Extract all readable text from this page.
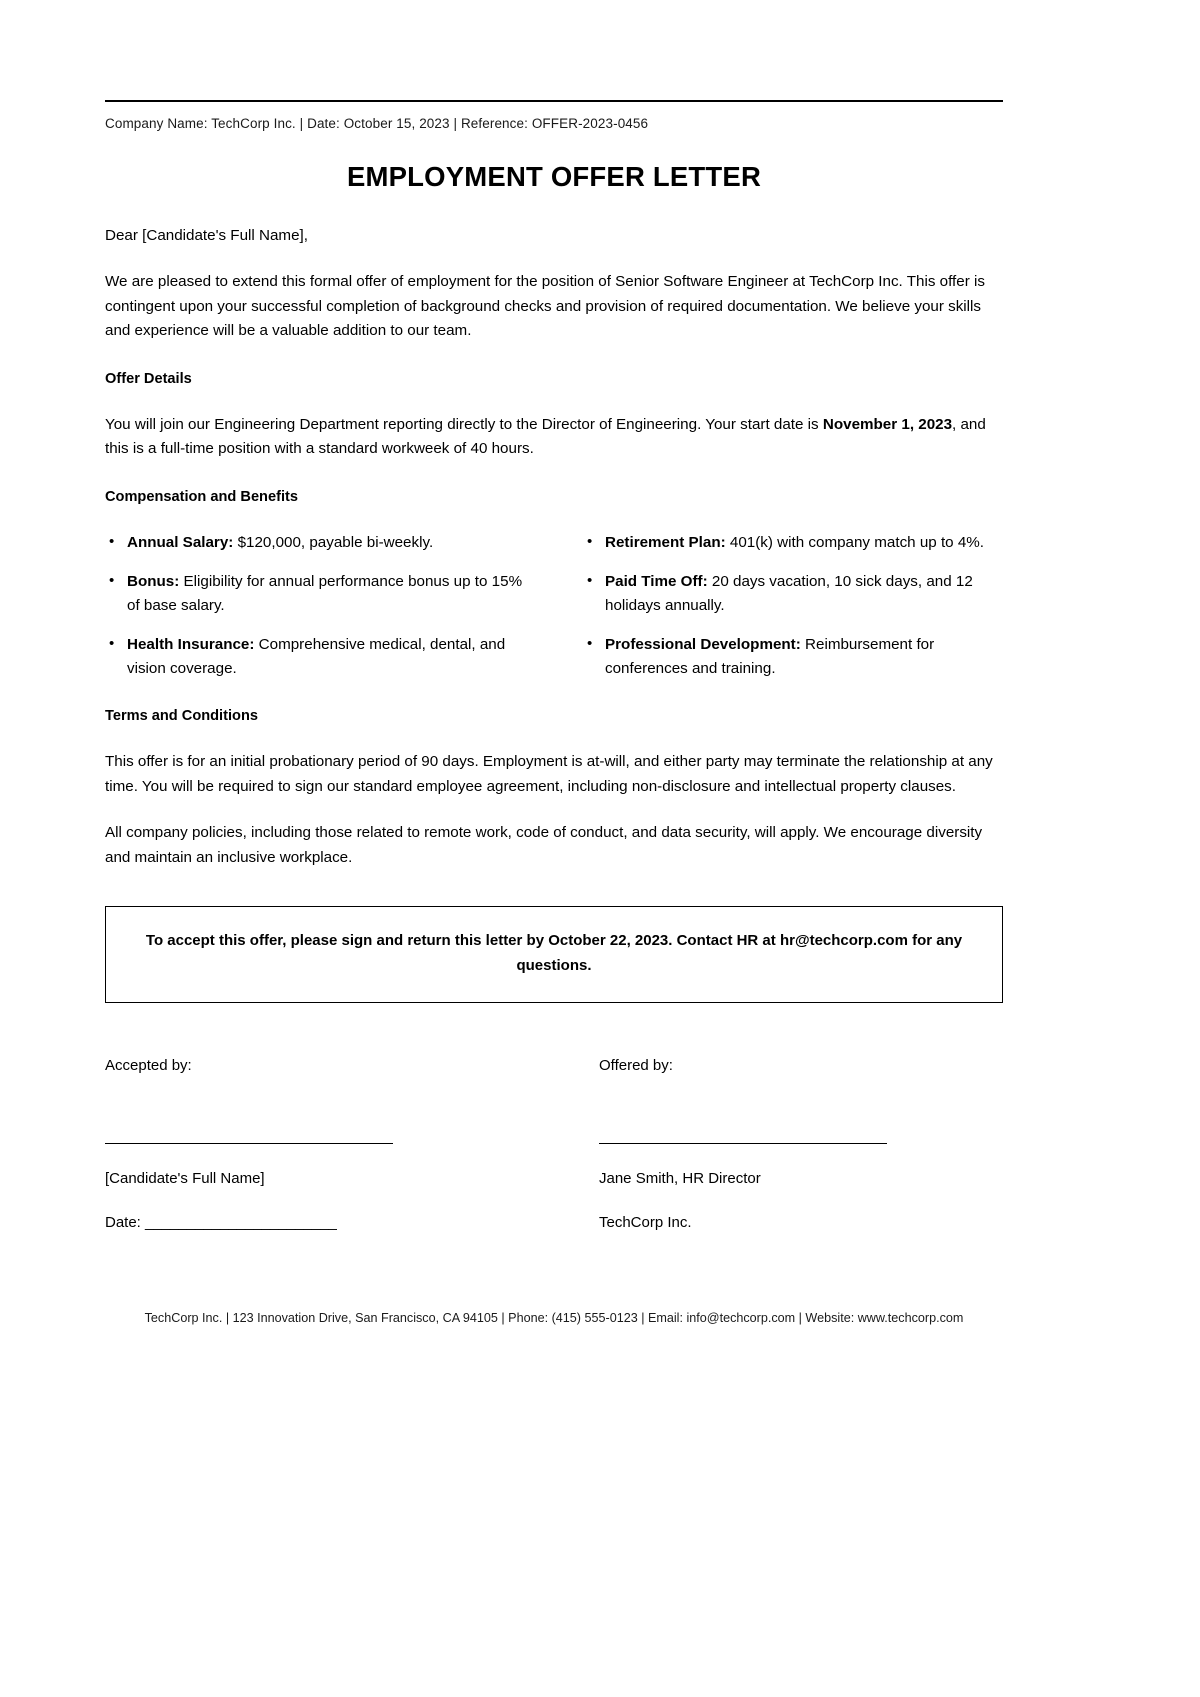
Company Name: TechCorp Inc. | Date: October 15, 2023 | Reference: OFFER-2023-0456
EMPLOYMENT OFFER LETTER
Dear [Candidate's Full Name],

We are pleased to extend this formal offer of employment for the position of Senior Software Engineer at TechCorp Inc. This offer is contingent upon your successful completion of background checks and provision of required documentation. We believe your skills and experience will be a valuable addition to our team.

Offer Details

You will join our Engineering Department reporting directly to the Director of Engineering. Your start date is November 1, 2023, and this is a full-time position with a standard workweek of 40 hours.

Compensation and Benefits
• Annual Salary: $120,000, payable bi-weekly.
• Bonus: Eligibility for annual performance bonus up to 15% of base salary.
• Health Insurance: Comprehensive medical, dental, and vision coverage.
• Retirement Plan: 401(k) with company match up to 4%.
• Paid Time Off: 20 days vacation, 10 sick days, and 12 holidays annually.
• Professional Development: Reimbursement for conferences and training.
Terms and Conditions

This offer is for an initial probationary period of 90 days. Employment is at-will, and either party may terminate the relationship at any time. You will be required to sign our standard employee agreement, including non-disclosure and intellectual property clauses.

All company policies, including those related to remote work, code of conduct, and data security, will apply. We encourage diversity and maintain an inclusive workplace.

To accept this offer, please sign and return this letter by October 22, 2023. Contact HR at hr@techcorp.com for any questions.
Accepted by:
[Candidate's Full Name]
Date: _______________________
Offered by:
Jane Smith, HR Director
TechCorp Inc.
TechCorp Inc. | 123 Innovation Drive, San Francisco, CA 94105 | Phone: (415) 555-0123 | Email: info@techcorp.com | Website: www.techcorp.com
